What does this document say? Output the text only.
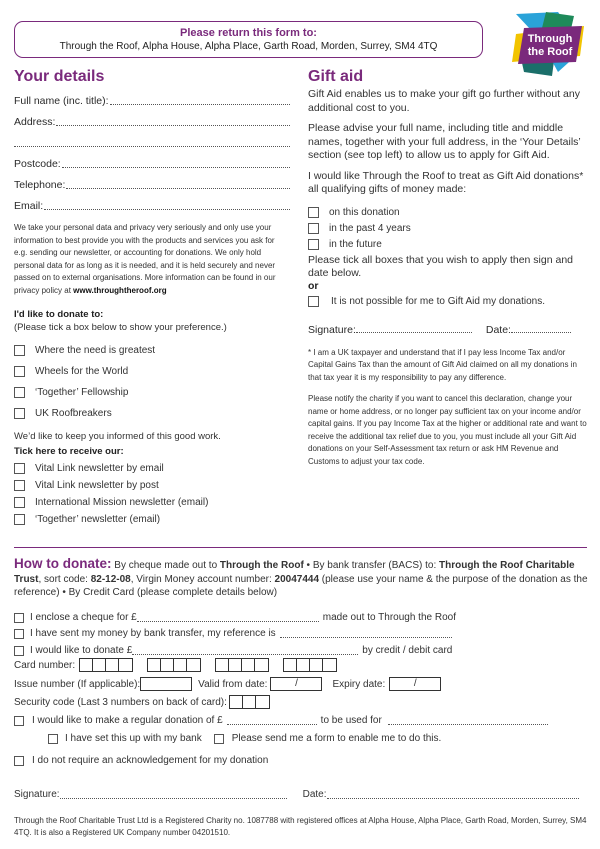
Please return this form to:
Through the Roof, Alpha House, Alpha Place, Garth Road, Morden, Surrey, SM4 4TQ
Through
the Roof
Your details
Full name (inc. title):
Address:
Postcode:
Telephone:
Email:
We take your personal data and privacy very seriously and only use your information to best provide you with the products and services you ask for e.g. sending our newsletter, or accounting for donations. We only hold personal data for as long as it is needed, and it is held securely and never passed on to external organisations. More information can be found in our privacy policy at www.throughtheroof.org
I'd like to donate to:
(Please tick a box below to show your preference.)
Where the need is greatest
Wheels for the World
‘Together’ Fellowship
UK Roofbreakers
We’d like to keep you informed of this good work.
Tick here to receive our:
Vital Link newsletter by email
Vital Link newsletter by post
International Mission newsletter (email)
‘Together’ newsletter (email)
Gift aid
Gift Aid enables us to make your gift go further without any additional cost to you.
Please advise your full name, including title and middle names, together with your full address, in the ‘Your Details’ section (see top left) to allow us to apply for Gift Aid.
I would like Through the Roof to treat as Gift Aid donations* all qualifying gifts of money made:
on this donation
in the past 4 years
in the future
Please tick all boxes that you wish to apply then sign and date below.
or
It is not possible for me to Gift Aid my donations.
Signature:	Date:
* I am a UK taxpayer and understand that if I pay less Income Tax and/or Capital Gains Tax than the amount of Gift Aid claimed on all my donations in that tax year it is my responsibility to pay any difference.
Please notify the charity if you want to cancel this declaration, change your name or home address, or no longer pay sufficient tax on your income and/or capital gains. If you pay Income Tax at the higher or additional rate and want to receive the additional tax relief due to you, you must include all your Gift Aid donations on your Self-Assessment tax return or ask HM Revenue and Customs to adjust your tax code.
How to donate: By cheque made out to Through the Roof • By bank transfer (BACS) to: Through the Roof Charitable Trust, sort code: 82-12-08, Virgin Money account number: 20047444 (please use your name & the purpose of the donation as the reference) • By Credit Card (please complete details below)
I enclose a cheque for £	made out to Through the Roof
I have sent my money by bank transfer, my reference is
I would like to donate £	by credit / debit card
Card number:
Issue number (If applicable):	Valid from date:	/	Expiry date:	/
Security code (Last 3 numbers on back of card):
I would like to make a regular donation of £	to be used for
I have set this up with my bank	Please send me a form to enable me to do this.
I do not require an acknowledgement for my donation
Signature:	Date:
Through the Roof Charitable Trust Ltd is a Registered Charity no. 1087788 with registered offices at Alpha House, Alpha Place, Garth Road, Morden, Surrey, SM4 4TQ. It is also a Registered UK Company number 04201510.
